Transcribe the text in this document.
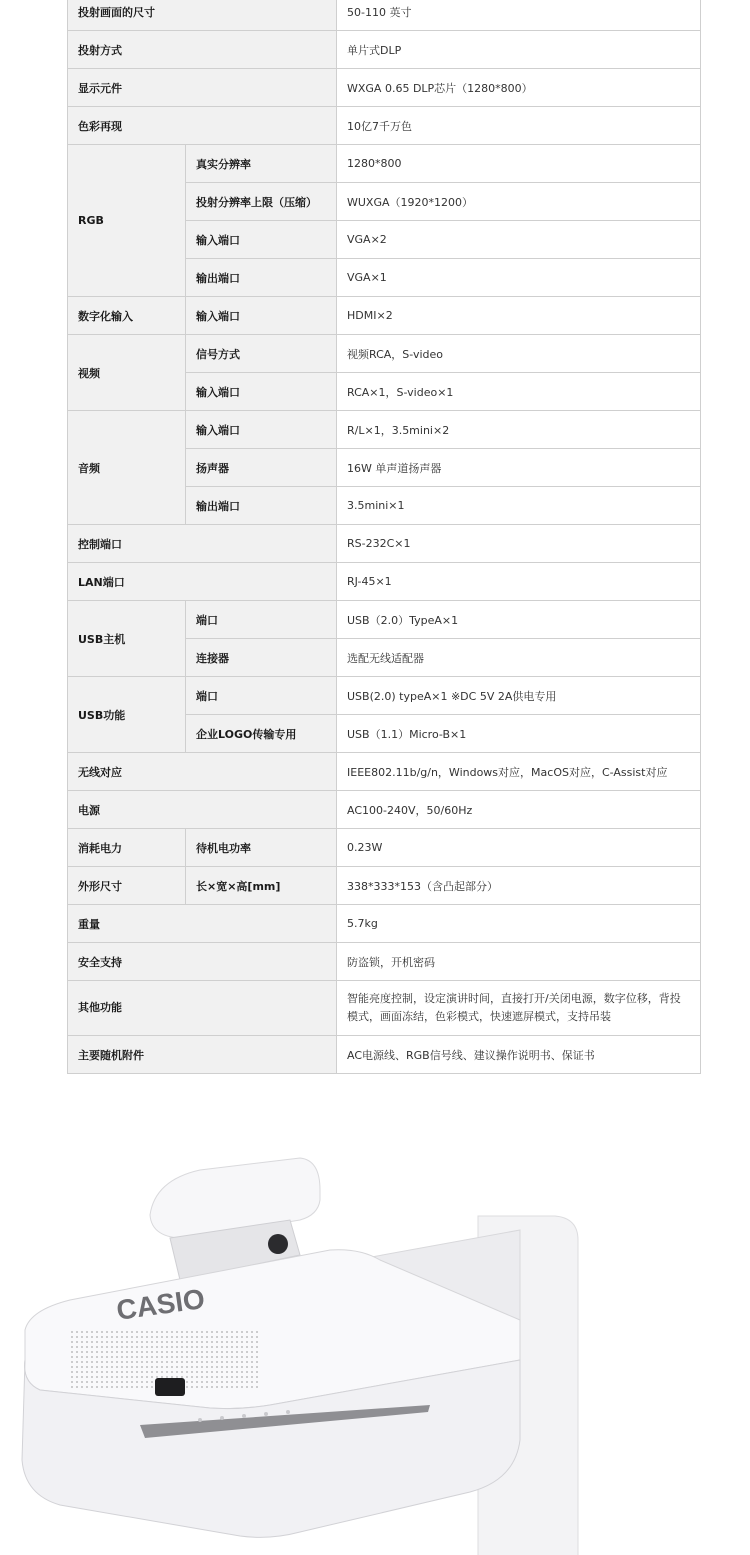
投射画面的尺寸		50-110 英寸
投射方式		单片式DLP
显示元件		WXGA 0.65 DLP芯片（1280*800）
色彩再现		10亿7千万色
RGB	真实分辨率	1280*800
	投射分辨率上限（压缩）	WUXGA（1920*1200）
	输入端口	VGA×2
	输出端口	VGA×1
数字化输入	输入端口	HDMI×2
视频	信号方式	视频RCA，S-video
	输入端口	RCA×1，S-video×1
音频	输入端口	R/L×1，3.5mini×2
	扬声器	16W 单声道扬声器
	输出端口	3.5mini×1
控制端口		RS-232C×1
LAN端口		RJ-45×1
USB主机	端口	USB（2.0）TypeA×1
	连接器	选配无线适配器
USB功能	端口	USB(2.0) typeA×1 ※DC 5V 2A供电专用
	企业LOGO传输专用	USB（1.1）Micro-B×1
无线对应		IEEE802.11b/g/n，Windows对应，MacOS对应，C-Assist对应
电源		AC100-240V，50/60Hz
消耗电力	待机电功率	0.23W
外形尺寸	长×宽×高[mm]	338*333*153（含凸起部分）
重量		5.7kg
安全支持		防盗锁，开机密码
其他功能		智能亮度控制，设定演讲时间，直接打开/关闭电源，数字位移，背投模式，画面冻结，色彩模式，快速遮屏模式，支持吊装
主要随机附件		AC电源线、RGB信号线、建议操作说明书、保证书
CASIO
